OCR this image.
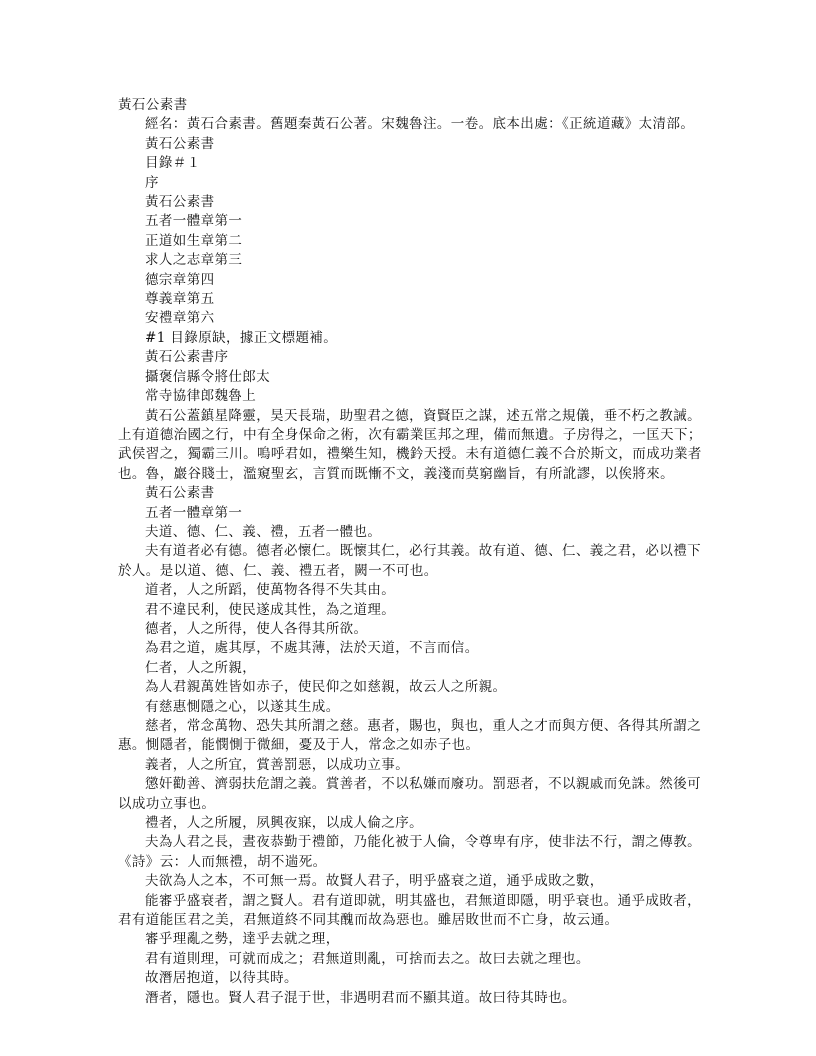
黃石公素書

經名：黃石合素書。舊題秦黃石公著。宋魏魯注。一卷。底本出處：《正統道藏》太清部。

黃石公素書

目錄＃１

序

黃石公素書

五者一體章第一

正道如生章第二

求人之志章第三

德宗章第四

尊義章第五

安禮章第六

#1 目錄原缺，據正文標題補。

黃石公素書序

攝褒信縣令將仕郎太

常寺協律郎魏魯上

黃石公蓋鎮星降靈，昊天長瑞，助聖君之德，資賢臣之謀，述五常之規儀，垂不朽之教誡。上有道德治國之行，中有全身保命之術，次有霸業匡邦之理，備而無遺。子房得之，一匡天下；武侯習之，獨霸三川。嗚呼君如，禮樂生知，機鈐天授。未有道德仁義不合於斯文，而成功業者也。魯，巖谷賤士，濫窺聖玄，言質而既慚不文，義淺而莫窮幽旨，有所訛謬，以俟將來。

黃石公素書

五者一體章第一

夫道、德、仁、義、禮，五者一體也。

夫有道者必有德。德者必懷仁。既懷其仁，必行其義。故有道、德、仁、義之君，必以禮下於人。是以道、德、仁、義、禮五者，闕一不可也。

道者，人之所蹈，使萬物各得不失其由。

君不違民利，使民遂成其性，為之道理。

德者，人之所得，使人各得其所欲。

為君之道，處其厚，不處其薄，法於天道，不言而信。

仁者，人之所親，

為人君親萬姓皆如赤子，使民仰之如慈親，故云人之所親。

有慈惠惻隱之心，以遂其生成。

慈者，常念萬物、恐失其所謂之慈。惠者，賜也，與也，重人之才而與方便、各得其所謂之惠。惻隱者，能憫惻于微細，憂及于人，常念之如赤子也。

義者，人之所宜，賞善罰惡，以成功立事。

懲奸勸善、濟弱扶危謂之義。賞善者，不以私嫌而廢功。罰惡者，不以親戚而免誅。然後可以成功立事也。

禮者，人之所履，夙興夜寐，以成人倫之序。

夫為人君之長，晝夜恭勤于禮節，乃能化被于人倫，令尊卑有序，使非法不行，謂之傳教。《詩》云：人而無禮，胡不遄死。

夫欲為人之本，不可無一焉。故賢人君子，明乎盛衰之道，通乎成敗之數，

能審乎盛衰者，謂之賢人。君有道即就，明其盛也，君無道即隱，明乎衰也。通乎成敗者，君有道能匡君之美，君無道終不同其醜而故為惡也。雖居敗世而不亡身，故云通。

審乎理亂之勢，達乎去就之理，

君有道則理，可就而成之；君無道則亂，可捨而去之。故曰去就之理也。

故潛居抱道，以待其時。

潛者，隱也。賢人君子混于世，非遇明君而不顯其道。故曰待其時也。
